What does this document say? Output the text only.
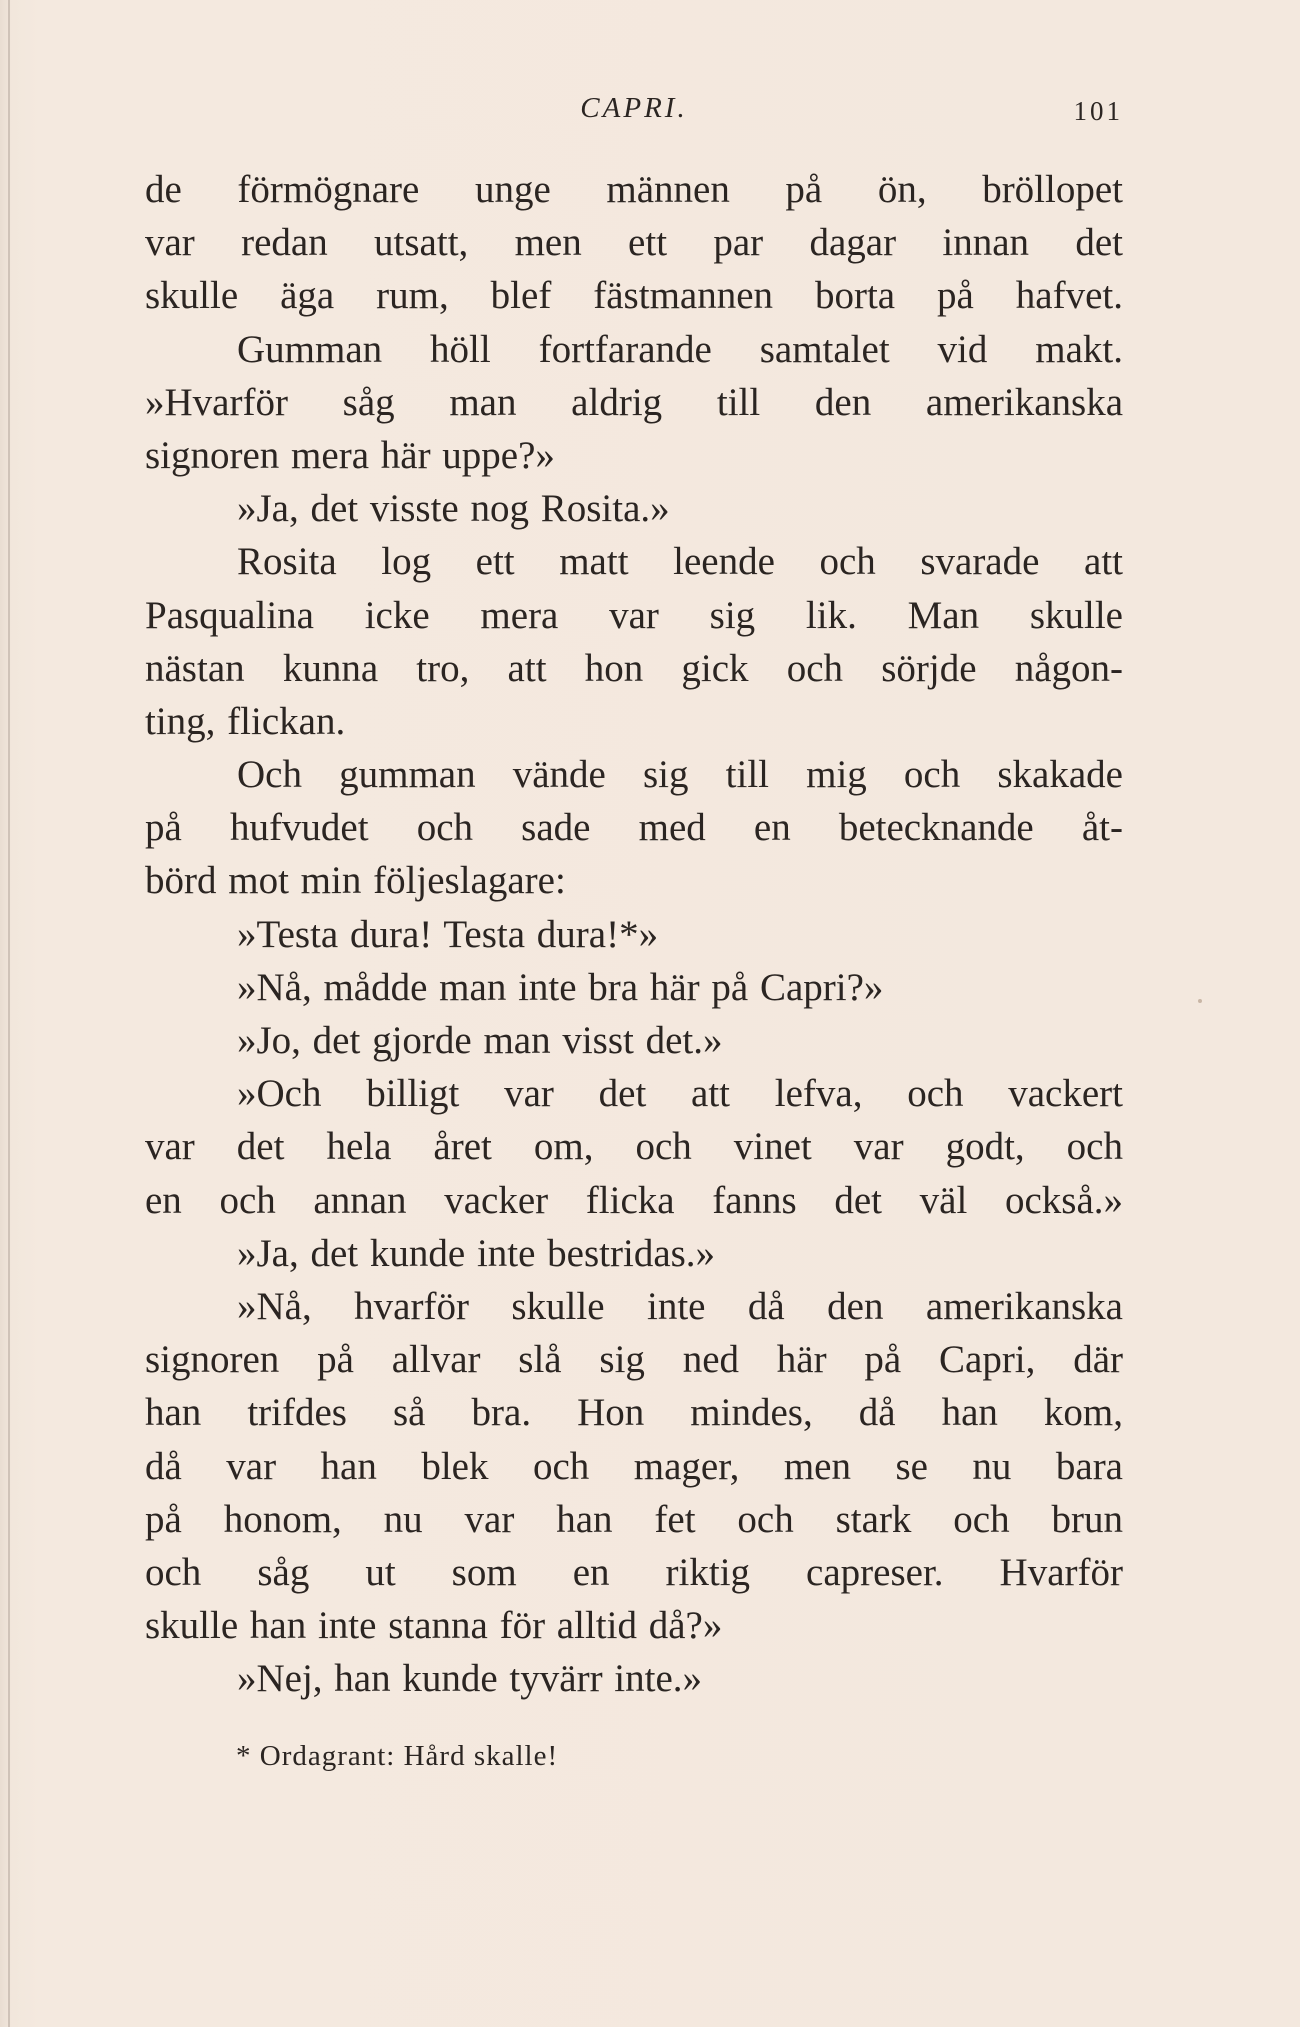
CAPRI.	101
de förmögnare unge männen på ön, bröllopet
var redan utsatt, men ett par dagar innan det
skulle äga rum, blef fästmannen borta på hafvet.
Gumman höll fortfarande samtalet vid makt.
»Hvarför såg man aldrig till den amerikanska
signoren mera här uppe?»
»Ja, det visste nog Rosita.»
Rosita log ett matt leende och svarade att
Pasqualina icke mera var sig lik. Man skulle
nästan kunna tro, att hon gick och sörjde någon-
ting, flickan.
Och gumman vände sig till mig och skakade
på hufvudet och sade med en betecknande åt-
börd mot min följeslagare:
»Testa dura! Testa dura!*»
»Nå, mådde man inte bra här på Capri?»
»Jo, det gjorde man visst det.»
»Och billigt var det att lefva, och vackert
var det hela året om, och vinet var godt, och
en och annan vacker flicka fanns det väl också.»
»Ja, det kunde inte bestridas.»
»Nå, hvarför skulle inte då den amerikanska
signoren på allvar slå sig ned här på Capri, där
han trifdes så bra. Hon mindes, då han kom,
då var han blek och mager, men se nu bara
på honom, nu var han fet och stark och brun
och såg ut som en riktig capreser. Hvarför
skulle han inte stanna för alltid då?»
»Nej, han kunde tyvärr inte.»
* Ordagrant: Hård skalle!
